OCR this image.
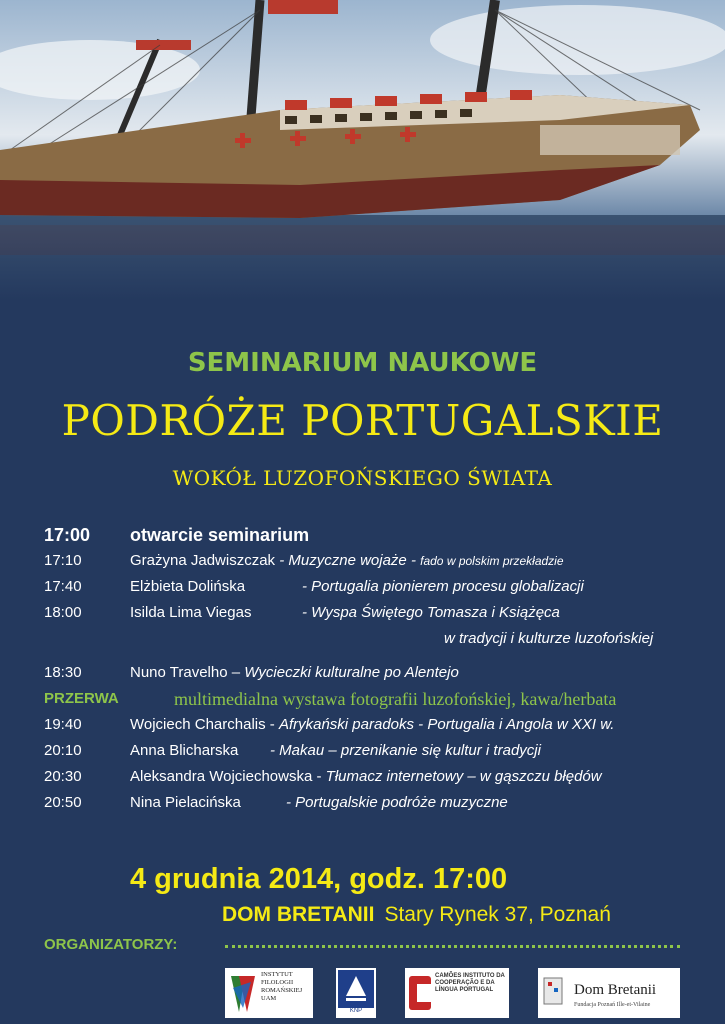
SEMINARIUM NAUKOWE
PODRÓŻE PORTUGALSKIE
WOKÓŁ LUZOFOŃSKIEGO ŚWIATA
17:00	otwarcie seminarium
17:10	Grażyna Jadwiszczak - Muzyczne wojaże - fado w polskim przekładzie
17:40	Elżbieta Dolińska	- Portugalia pionierem procesu globalizacji
18:00	Isilda Lima Viegas	- Wyspa Świętego Tomasza i Książęca
w tradycji i kulturze luzofońskiej
18:30	Nuno Travelho – Wycieczki kulturalne po Alentejo
PRZERWA	multimedialna wystawa fotografii luzofońskiej, kawa/herbata
19:40	Wojciech Charchalis - Afrykański paradoks - Portugalia i Angola w XXI w.
20:10	Anna Blicharska - Makau – przenikanie się kultur i tradycji
20:30	Aleksandra Wojciechowska - Tłumacz internetowy – w gąszczu błędów
20:50	Nina Pielacińska	- Portugalskie podróże muzyczne
4 grudnia 2014, godz. 17:00
DOM BRETANII Stary Rynek 37, Poznań
ORGANIZATORZY:
INSTYTUT FILOLOGII ROMAŃSKIEJ UAM
KNP
CAMÕES INSTITUTO DA COOPERAÇÃO E DA LÍNGUA PORTUGAL	Dom Bretanii
Fundacja Poznań Ille-et-Vilaine
